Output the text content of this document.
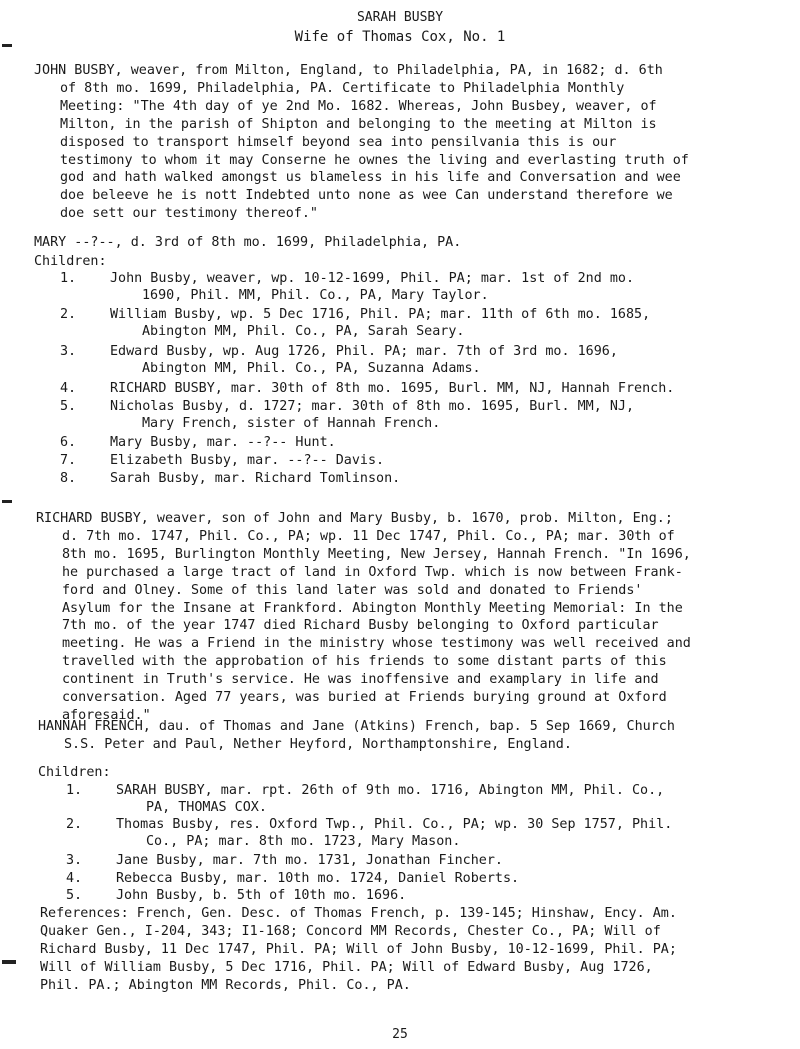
SARAH BUSBY
Wife of Thomas Cox, No. 1
JOHN BUSBY, weaver, from Milton, England, to Philadelphia, PA, in 1682; d. 6th
of 8th mo. 1699, Philadelphia, PA. Certificate to Philadelphia Monthly
Meeting: "The 4th day of ye 2nd Mo. 1682. Whereas, John Busbey, weaver, of
Milton, in the parish of Shipton and belonging to the meeting at Milton is
disposed to transport himself beyond sea into pensilvania this is our
testimony to whom it may Conserne he ownes the living and everlasting truth of
god and hath walked amongst us blameless in his life and Conversation and wee
doe beleeve he is nott Indebted unto none as wee Can understand therefore we
doe sett our testimony thereof."
MARY --?--, d. 3rd of 8th mo. 1699, Philadelphia, PA.
Children:
1.	John Busby, weaver, wp. 10-12-1699, Phil. PA; mar. 1st of 2nd mo.
1690, Phil. MM, Phil. Co., PA, Mary Taylor.
2.	William Busby, wp. 5 Dec 1716, Phil. PA; mar. 11th of 6th mo. 1685,
Abington MM, Phil. Co., PA, Sarah Seary.
3.	Edward Busby, wp. Aug 1726, Phil. PA; mar. 7th of 3rd mo. 1696,
Abington MM, Phil. Co., PA, Suzanna Adams.
4.	RICHARD BUSBY, mar. 30th of 8th mo. 1695, Burl. MM, NJ, Hannah French.
5.	Nicholas Busby, d. 1727; mar. 30th of 8th mo. 1695, Burl. MM, NJ,
Mary French, sister of Hannah French.
6.	Mary Busby, mar. --?-- Hunt.
7.	Elizabeth Busby, mar. --?-- Davis.
8.	Sarah Busby, mar. Richard Tomlinson.
RICHARD BUSBY, weaver, son of John and Mary Busby, b. 1670, prob. Milton, Eng.;
d. 7th mo. 1747, Phil. Co., PA; wp. 11 Dec 1747, Phil. Co., PA; mar. 30th of
8th mo. 1695, Burlington Monthly Meeting, New Jersey, Hannah French. "In 1696,
he purchased a large tract of land in Oxford Twp. which is now between Frank-
ford and Olney. Some of this land later was sold and donated to Friends'
Asylum for the Insane at Frankford. Abington Monthly Meeting Memorial: In the
7th mo. of the year 1747 died Richard Busby belonging to Oxford particular
meeting. He was a Friend in the ministry whose testimony was well received and
travelled with the approbation of his friends to some distant parts of this
continent in Truth's service. He was inoffensive and examplary in life and
conversation. Aged 77 years, was buried at Friends burying ground at Oxford
aforesaid."
HANNAH FRENCH, dau. of Thomas and Jane (Atkins) French, bap. 5 Sep 1669, Church
S.S. Peter and Paul, Nether Heyford, Northamptonshire, England.
Children:
1.	SARAH BUSBY, mar. rpt. 26th of 9th mo. 1716, Abington MM, Phil. Co.,
PA, THOMAS COX.
2.	Thomas Busby, res. Oxford Twp., Phil. Co., PA; wp. 30 Sep 1757, Phil.
Co., PA; mar. 8th mo. 1723, Mary Mason.
3.	Jane Busby, mar. 7th mo. 1731, Jonathan Fincher.
4.	Rebecca Busby, mar. 10th mo. 1724, Daniel Roberts.
5.	John Busby, b. 5th of 10th mo. 1696.
References: French, Gen. Desc. of Thomas French, p. 139-145; Hinshaw, Ency. Am.
Quaker Gen., I-204, 343; I1-168; Concord MM Records, Chester Co., PA; Will of
Richard Busby, 11 Dec 1747, Phil. PA; Will of John Busby, 10-12-1699, Phil. PA;
Will of William Busby, 5 Dec 1716, Phil. PA; Will of Edward Busby, Aug 1726,
Phil. PA.; Abington MM Records, Phil. Co., PA.
25
